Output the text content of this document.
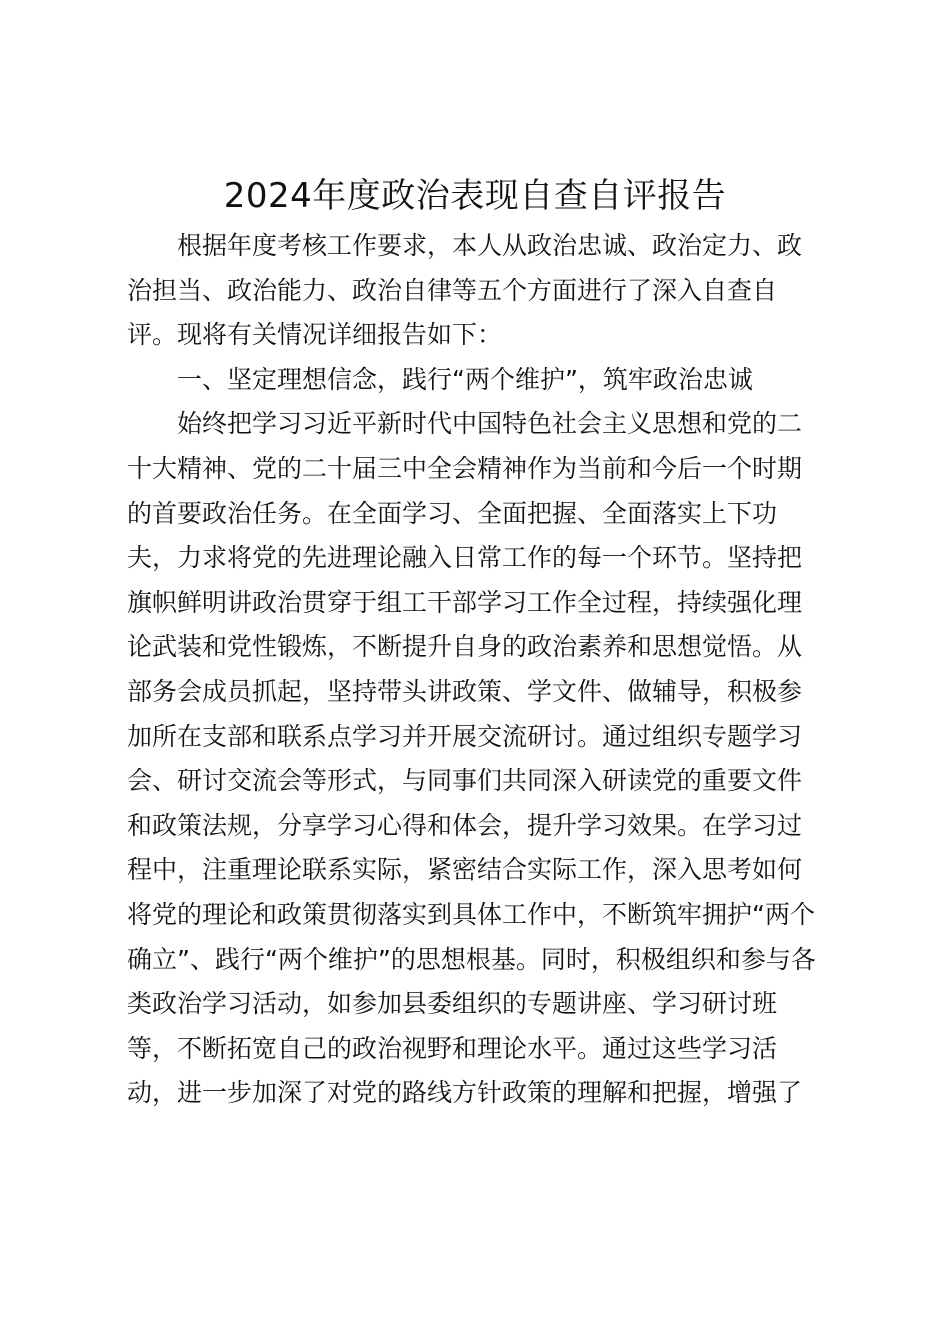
2024年度政治表现自查自评报告
　　根据年度考核工作要求，本人从政治忠诚、政治定力、政
治担当、政治能力、政治自律等五个方面进行了深入自查自
评。现将有关情况详细报告如下：
　　一、坚定理想信念，践行“两个维护”，筑牢政治忠诚
　　始终把学习习近平新时代中国特色社会主义思想和党的二
十大精神、党的二十届三中全会精神作为当前和今后一个时期
的首要政治任务。在全面学习、全面把握、全面落实上下功
夫，力求将党的先进理论融入日常工作的每一个环节。坚持把
旗帜鲜明讲政治贯穿于组工干部学习工作全过程，持续强化理
论武装和党性锻炼，不断提升自身的政治素养和思想觉悟。从
部务会成员抓起，坚持带头讲政策、学文件、做辅导，积极参
加所在支部和联系点学习并开展交流研讨。通过组织专题学习
会、研讨交流会等形式，与同事们共同深入研读党的重要文件
和政策法规，分享学习心得和体会，提升学习效果。在学习过
程中，注重理论联系实际，紧密结合实际工作，深入思考如何
将党的理论和政策贯彻落实到具体工作中，不断筑牢拥护“两个
确立”、践行“两个维护”的思想根基。同时，积极组织和参与各
类政治学习活动，如参加县委组织的专题讲座、学习研讨班
等，不断拓宽自己的政治视野和理论水平。通过这些学习活
动，进一步加深了对党的路线方针政策的理解和把握，增强了
